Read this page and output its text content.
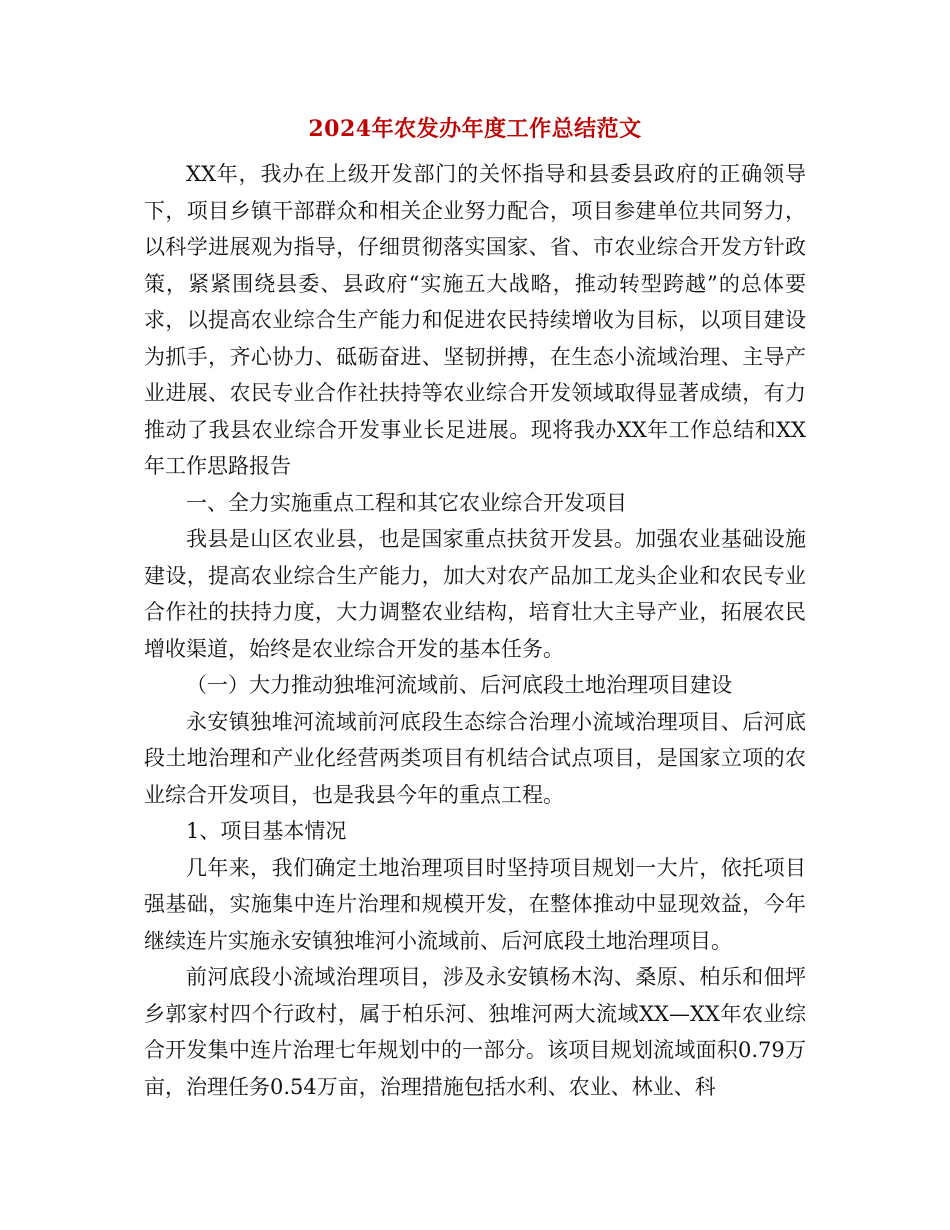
2024年农发办年度工作总结范文

XX年，我办在上级开发部门的关怀指导和县委县政府的正确领导下，项目乡镇干部群众和相关企业努力配合，项目参建单位共同努力，以科学进展观为指导，仔细贯彻落实国家、省、市农业综合开发方针政策，紧紧围绕县委、县政府“实施五大战略，推动转型跨越”的总体要求，以提高农业综合生产能力和促进农民持续增收为目标，以项目建设为抓手，齐心协力、砥砺奋进、坚韧拼搏，在生态小流域治理、主导产业进展、农民专业合作社扶持等农业综合开发领域取得显著成绩，有力推动了我县农业综合开发事业长足进展。现将我办XX年工作总结和XX年工作思路报告

一、全力实施重点工程和其它农业综合开发项目

我县是山区农业县，也是国家重点扶贫开发县。加强农业基础设施建设，提高农业综合生产能力，加大对农产品加工龙头企业和农民专业合作社的扶持力度，大力调整农业结构，培育壮大主导产业，拓展农民增收渠道，始终是农业综合开发的基本任务。

（一）大力推动独堆河流域前、后河底段土地治理项目建设

永安镇独堆河流域前河底段生态综合治理小流域治理项目、后河底段土地治理和产业化经营两类项目有机结合试点项目，是国家立项的农业综合开发项目，也是我县今年的重点工程。

1、项目基本情况

几年来，我们确定土地治理项目时坚持项目规划一大片，依托项目强基础，实施集中连片治理和规模开发，在整体推动中显现效益，今年继续连片实施永安镇独堆河小流域前、后河底段土地治理项目。

前河底段小流域治理项目，涉及永安镇杨木沟、桑原、柏乐和佃坪乡郭家村四个行政村，属于柏乐河、独堆河两大流域XX—XX年农业综合开发集中连片治理七年规划中的一部分。该项目规划流域面积0.79万亩，治理任务0.54万亩，治理措施包括水利、农业、林业、科
